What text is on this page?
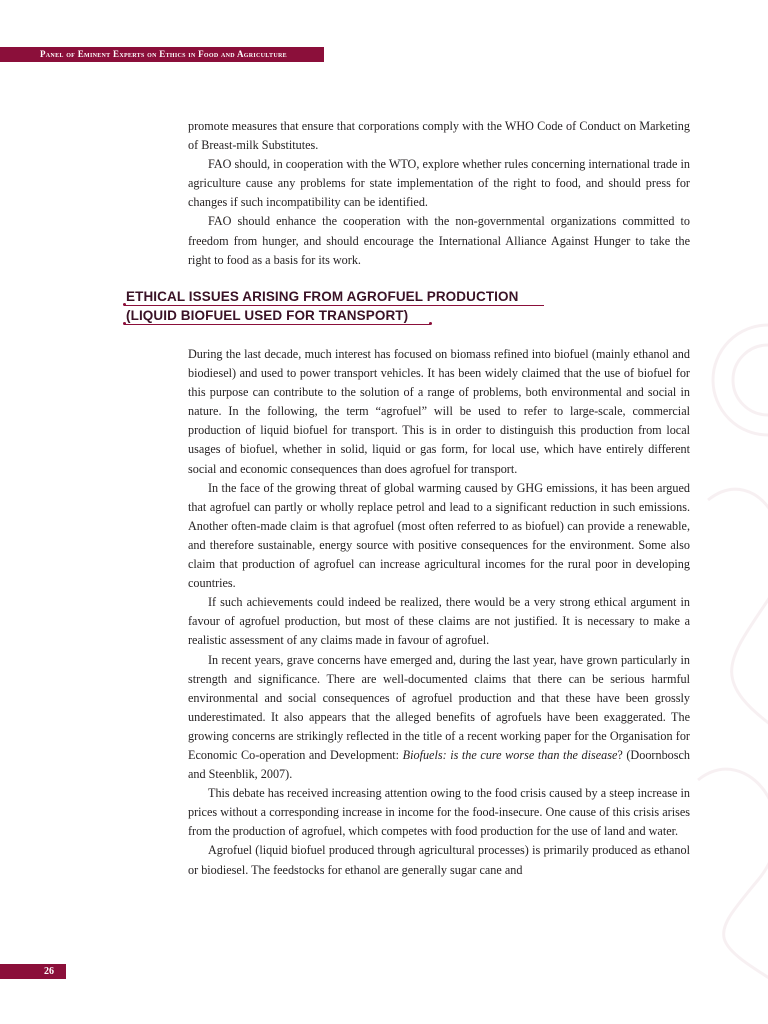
Panel of Eminent Experts on Ethics in Food and Agriculture

promote measures that ensure that corporations comply with the WHO Code of Conduct on Marketing of Breast-milk Substitutes.

FAO should, in cooperation with the WTO, explore whether rules concerning international trade in agriculture cause any problems for state implementation of the right to food, and should press for changes if such incompatibility can be identified.

FAO should enhance the cooperation with the non-governmental organizations committed to freedom from hunger, and should encourage the International Alliance Against Hunger to take the right to food as a basis for its work.

ETHICAL ISSUES ARISING FROM AGROFUEL PRODUCTION
(LIQUID BIOFUEL USED FOR TRANSPORT)

During the last decade, much interest has focused on biomass refined into biofuel (mainly ethanol and biodiesel) and used to power transport vehicles. It has been widely claimed that the use of biofuel for this purpose can contribute to the solution of a range of problems, both environmental and social in nature. In the following, the term “agrofuel” will be used to refer to large-scale, commercial production of liquid biofuel for transport. This is in order to distinguish this production from local usages of biofuel, whether in solid, liquid or gas form, for local use, which have entirely different social and economic consequences than does agrofuel for transport.

In the face of the growing threat of global warming caused by GHG emissions, it has been argued that agrofuel can partly or wholly replace petrol and lead to a significant reduction in such emissions. Another often-made claim is that agrofuel (most often referred to as biofuel) can provide a renewable, and therefore sustainable, energy source with positive consequences for the environment. Some also claim that production of agrofuel can increase agricultural incomes for the rural poor in developing countries.

If such achievements could indeed be realized, there would be a very strong ethical argument in favour of agrofuel production, but most of these claims are not justified. It is necessary to make a realistic assessment of any claims made in favour of agrofuel.

In recent years, grave concerns have emerged and, during the last year, have grown particularly in strength and significance. There are well-documented claims that there can be serious harmful environmental and social consequences of agrofuel production and that these have been grossly underestimated. It also appears that the alleged benefits of agrofuels have been exaggerated. The growing concerns are strikingly reflected in the title of a recent working paper for the Organisation for Economic Co-operation and Development: Biofuels: is the cure worse than the disease? (Doornbosch and Steenblik, 2007).

This debate has received increasing attention owing to the food crisis caused by a steep increase in prices without a corresponding increase in income for the food-insecure. One cause of this crisis arises from the production of agrofuel, which competes with food production for the use of land and water.

Agrofuel (liquid biofuel produced through agricultural processes) is primarily produced as ethanol or biodiesel. The feedstocks for ethanol are generally sugar cane and

26
